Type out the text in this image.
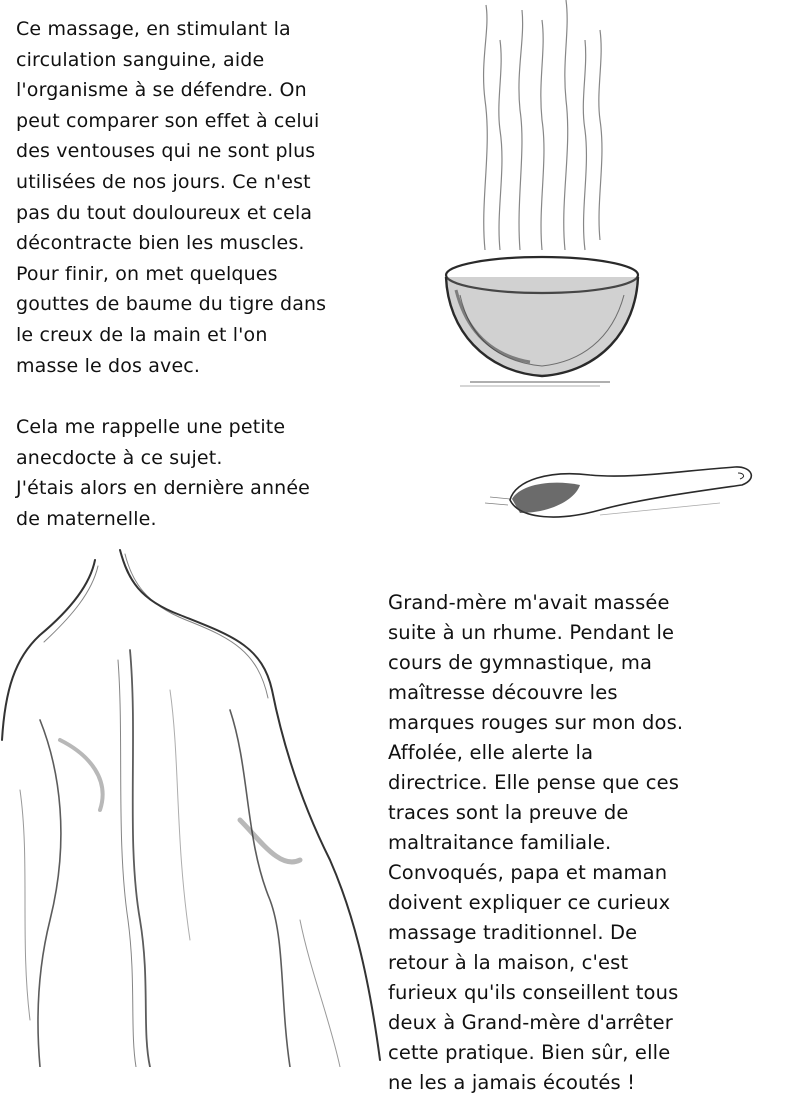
Ce massage, en stimulant la
circulation sanguine, aide
l'organisme à se défendre. On
peut comparer son effet à celui
des ventouses qui ne sont plus
utilisées de nos jours. Ce n'est
pas du tout douloureux et cela
décontracte bien les muscles.
Pour finir, on met quelques
gouttes de baume du tigre dans
le creux de la main et l'on
masse le dos avec.
Cela me rappelle une petite
anecdocte à ce sujet.
J'étais alors en dernière année
de maternelle.
Grand-mère m'avait massée
suite à un rhume. Pendant le
cours de gymnastique, ma
maîtresse découvre les
marques rouges sur mon dos.
Affolée, elle alerte la
directrice. Elle pense que ces
traces sont la preuve de
maltraitance familiale.
Convoqués, papa et maman
doivent expliquer ce curieux
massage traditionnel. De
retour à la maison, c'est
furieux qu'ils conseillent tous
deux à Grand-mère d'arrêter
cette pratique. Bien sûr, elle
ne les a jamais écoutés !
